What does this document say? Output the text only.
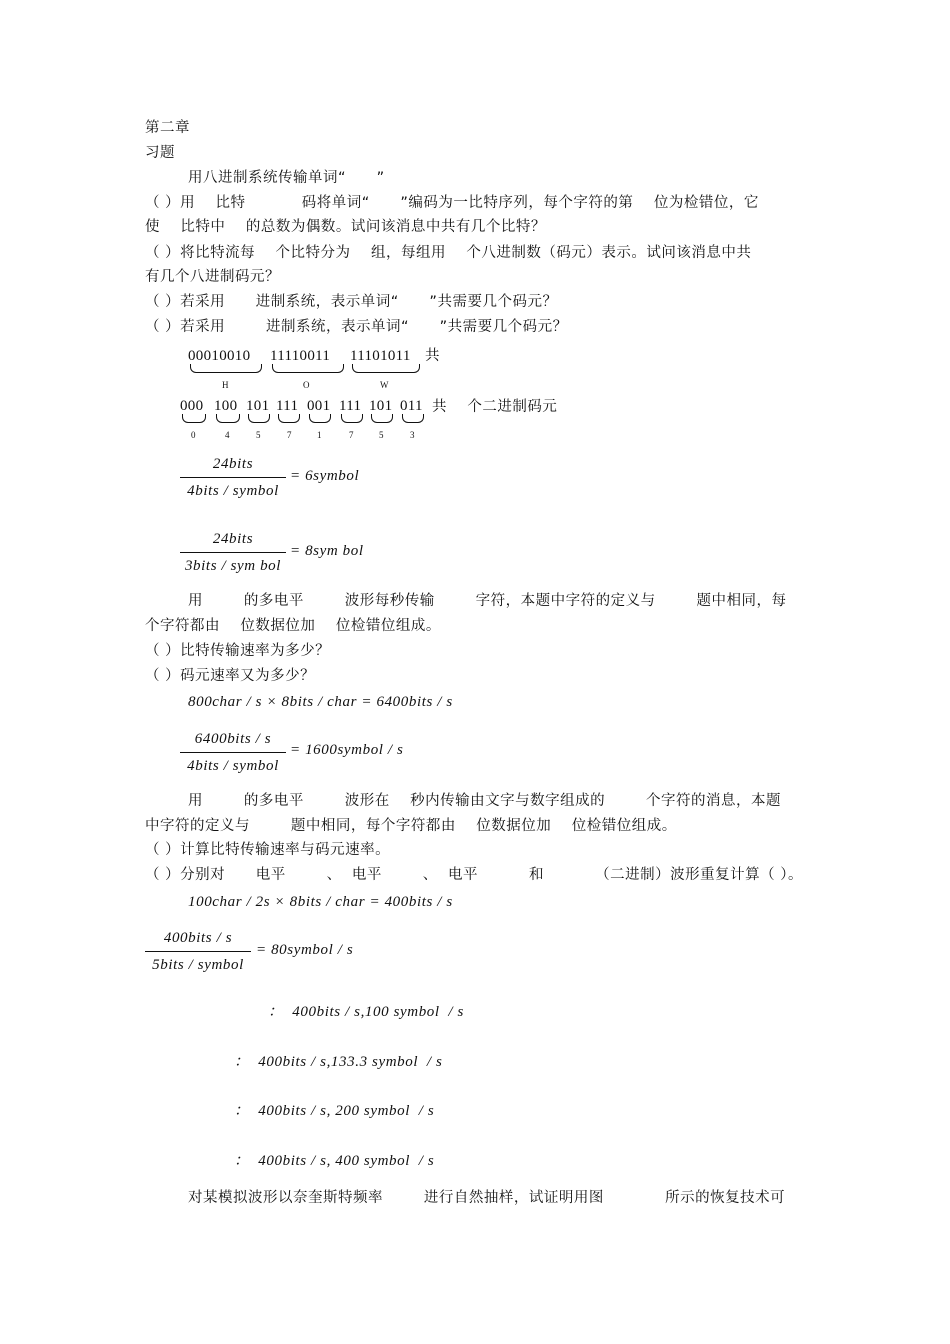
第二章
习题
用八进制系统传输单词“      ”
（ ）用    比特           码将单词“      ”编码为一比特序列，每个字符的第    位为检错位，它
使    比特中    的总数为偶数。试问该消息中共有几个比特？
（ ）将比特流每    个比特分为    组，每组用    个八进制数（码元）表示。试问该消息中共
有几个八进制码元？
（ ）若采用      进制系统，表示单词“      ”共需要几个码元？
（ ）若采用        进制系统，表示单词“      ”共需要几个码元？
00010010 11110011 11101011 共
H	O	W
000 100 101 111 001 111 101 011 共    个二进制码元
0	4	5	7	1	7	5	3
24bits
4bits / symbol
= 6symbol
24bits
3bits / sym bol
= 8sym bol
用        的多电平        波形每秒传输        字符，本题中字符的定义与        题中相同，每
个字符都由    位数据位加    位检错位组成。
（ ）比特传输速率为多少？
（ ）码元速率又为多少？
800char / s × 8bits / char = 6400bits / s
6400bits / s
4bits / symbol
= 1600symbol / s
用        的多电平        波形在    秒内传输由文字与数字组成的        个字符的消息，本题
中字符的定义与        题中相同，每个字符都由    位数据位加    位检错位组成。
（ ）计算比特传输速率与码元速率。
（ ）分别对      电平        、  电平        、  电平          和          （二进制）波形重复计算（ ）。
100char / 2s × 8bits / char = 400bits / s
400bits / s
5bits / symbol
= 80symbol / s
：  400bits / s,100 symbol  / s
：  400bits / s,133.3 symbol  / s
：  400bits / s, 200 symbol  / s
：  400bits / s, 400 symbol  / s
对某模拟波形以奈奎斯特频率        进行自然抽样，试证明用图            所示的恢复技术可
